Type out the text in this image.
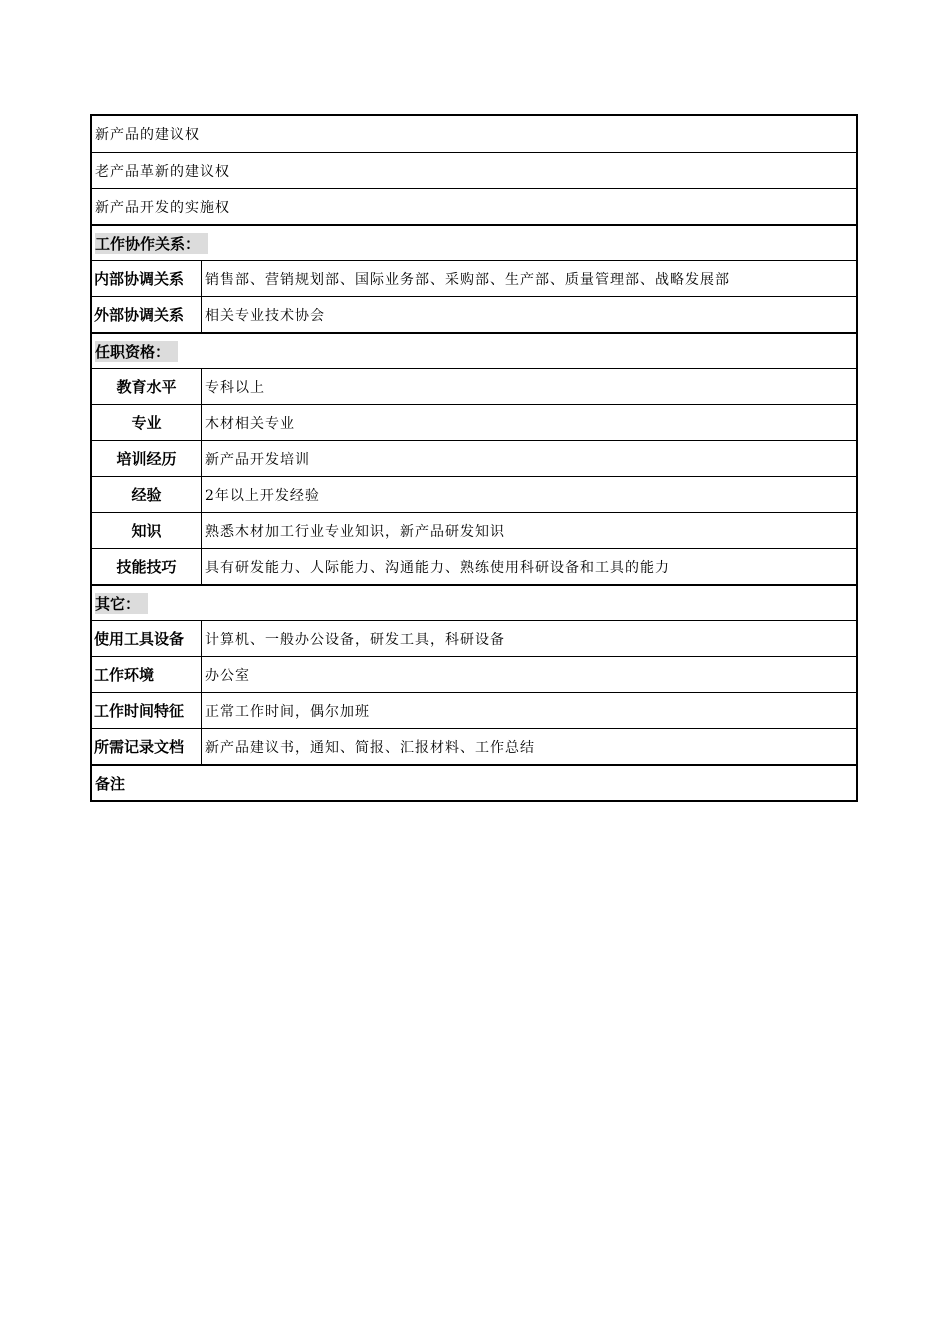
新产品的建议权
老产品革新的建议权
新产品开发的实施权
工作协作关系：
内部协调关系	销售部、营销规划部、国际业务部、采购部、生产部、质量管理部、战略发展部
外部协调关系	相关专业技术协会
任职资格：
教育水平	专科以上
专业	木材相关专业
培训经历	新产品开发培训
经验	2年以上开发经验
知识	熟悉木材加工行业专业知识，新产品研发知识
技能技巧	具有研发能力、人际能力、沟通能力、熟练使用科研设备和工具的能力
其它：
使用工具设备	计算机、一般办公设备，研发工具，科研设备
工作环境	办公室
工作时间特征	正常工作时间，偶尔加班
所需记录文档	新产品建议书，通知、简报、汇报材料、工作总结
备注
